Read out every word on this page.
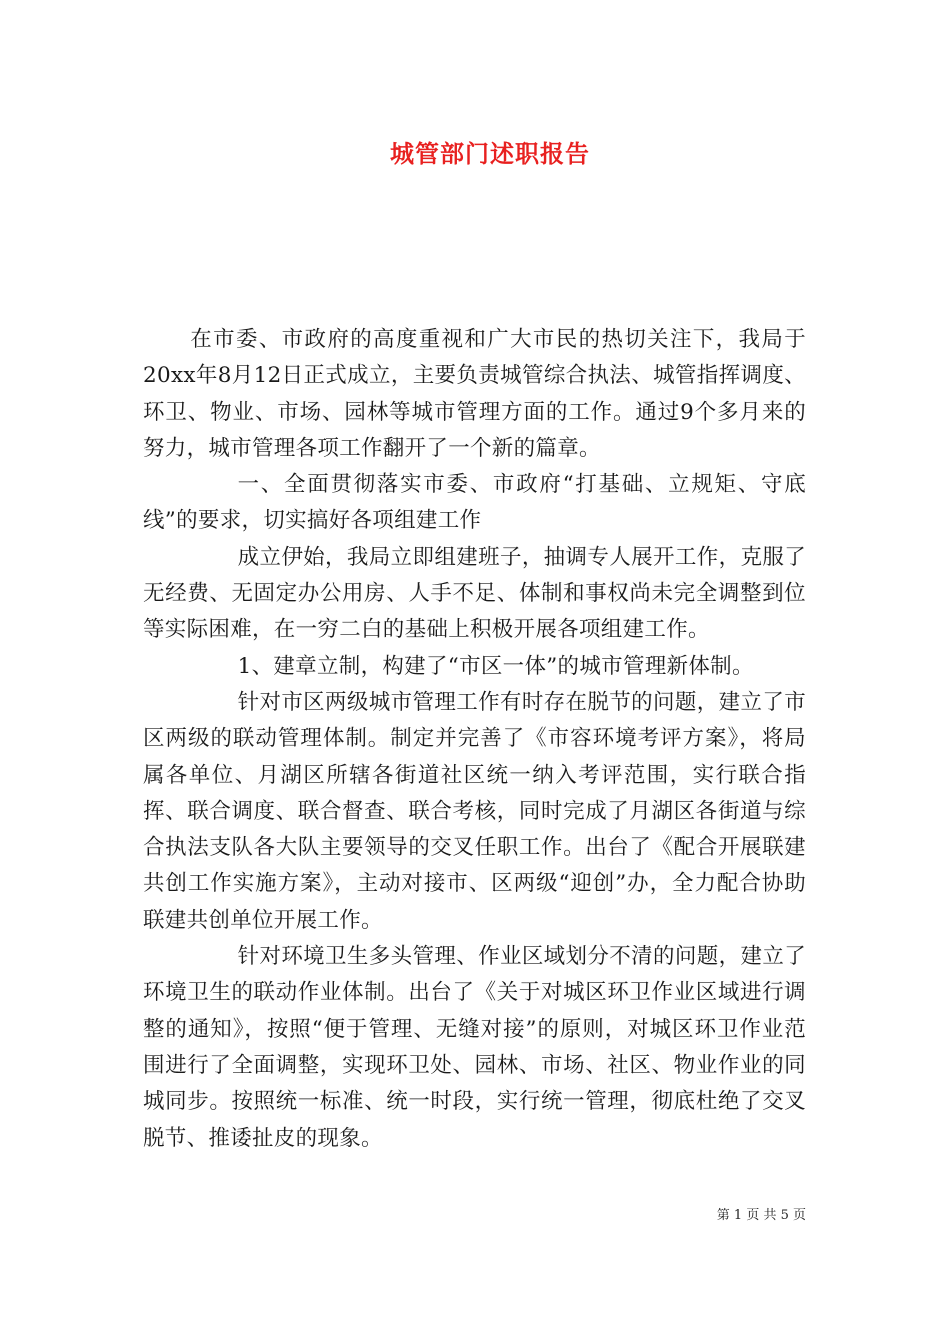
城管部门述职报告

在市委、市政府的高度重视和广大市民的热切关注下，我局于20xx年8月12日正式成立，主要负责城管综合执法、城管指挥调度、环卫、物业、市场、园林等城市管理方面的工作。通过9个多月来的努力，城市管理各项工作翻开了一个新的篇章。

一、全面贯彻落实市委、市政府“打基础、立规矩、守底线”的要求，切实搞好各项组建工作

成立伊始，我局立即组建班子，抽调专人展开工作，克服了无经费、无固定办公用房、人手不足、体制和事权尚未完全调整到位等实际困难，在一穷二白的基础上积极开展各项组建工作。

1、建章立制，构建了“市区一体”的城市管理新体制。

针对市区两级城市管理工作有时存在脱节的问题，建立了市区两级的联动管理体制。制定并完善了《市容环境考评方案》，将局属各单位、月湖区所辖各街道社区统一纳入考评范围，实行联合指挥、联合调度、联合督查、联合考核，同时完成了月湖区各街道与综合执法支队各大队主要领导的交叉任职工作。出台了《配合开展联建共创工作实施方案》，主动对接市、区两级“迎创”办，全力配合协助联建共创单位开展工作。

针对环境卫生多头管理、作业区域划分不清的问题，建立了环境卫生的联动作业体制。出台了《关于对城区环卫作业区域进行调整的通知》，按照“便于管理、无缝对接”的原则，对城区环卫作业范围进行了全面调整，实现环卫处、园林、市场、社区、物业作业的同城同步。按照统一标准、统一时段，实行统一管理，彻底杜绝了交叉脱节、推诿扯皮的现象。

第 1 页 共 5 页
